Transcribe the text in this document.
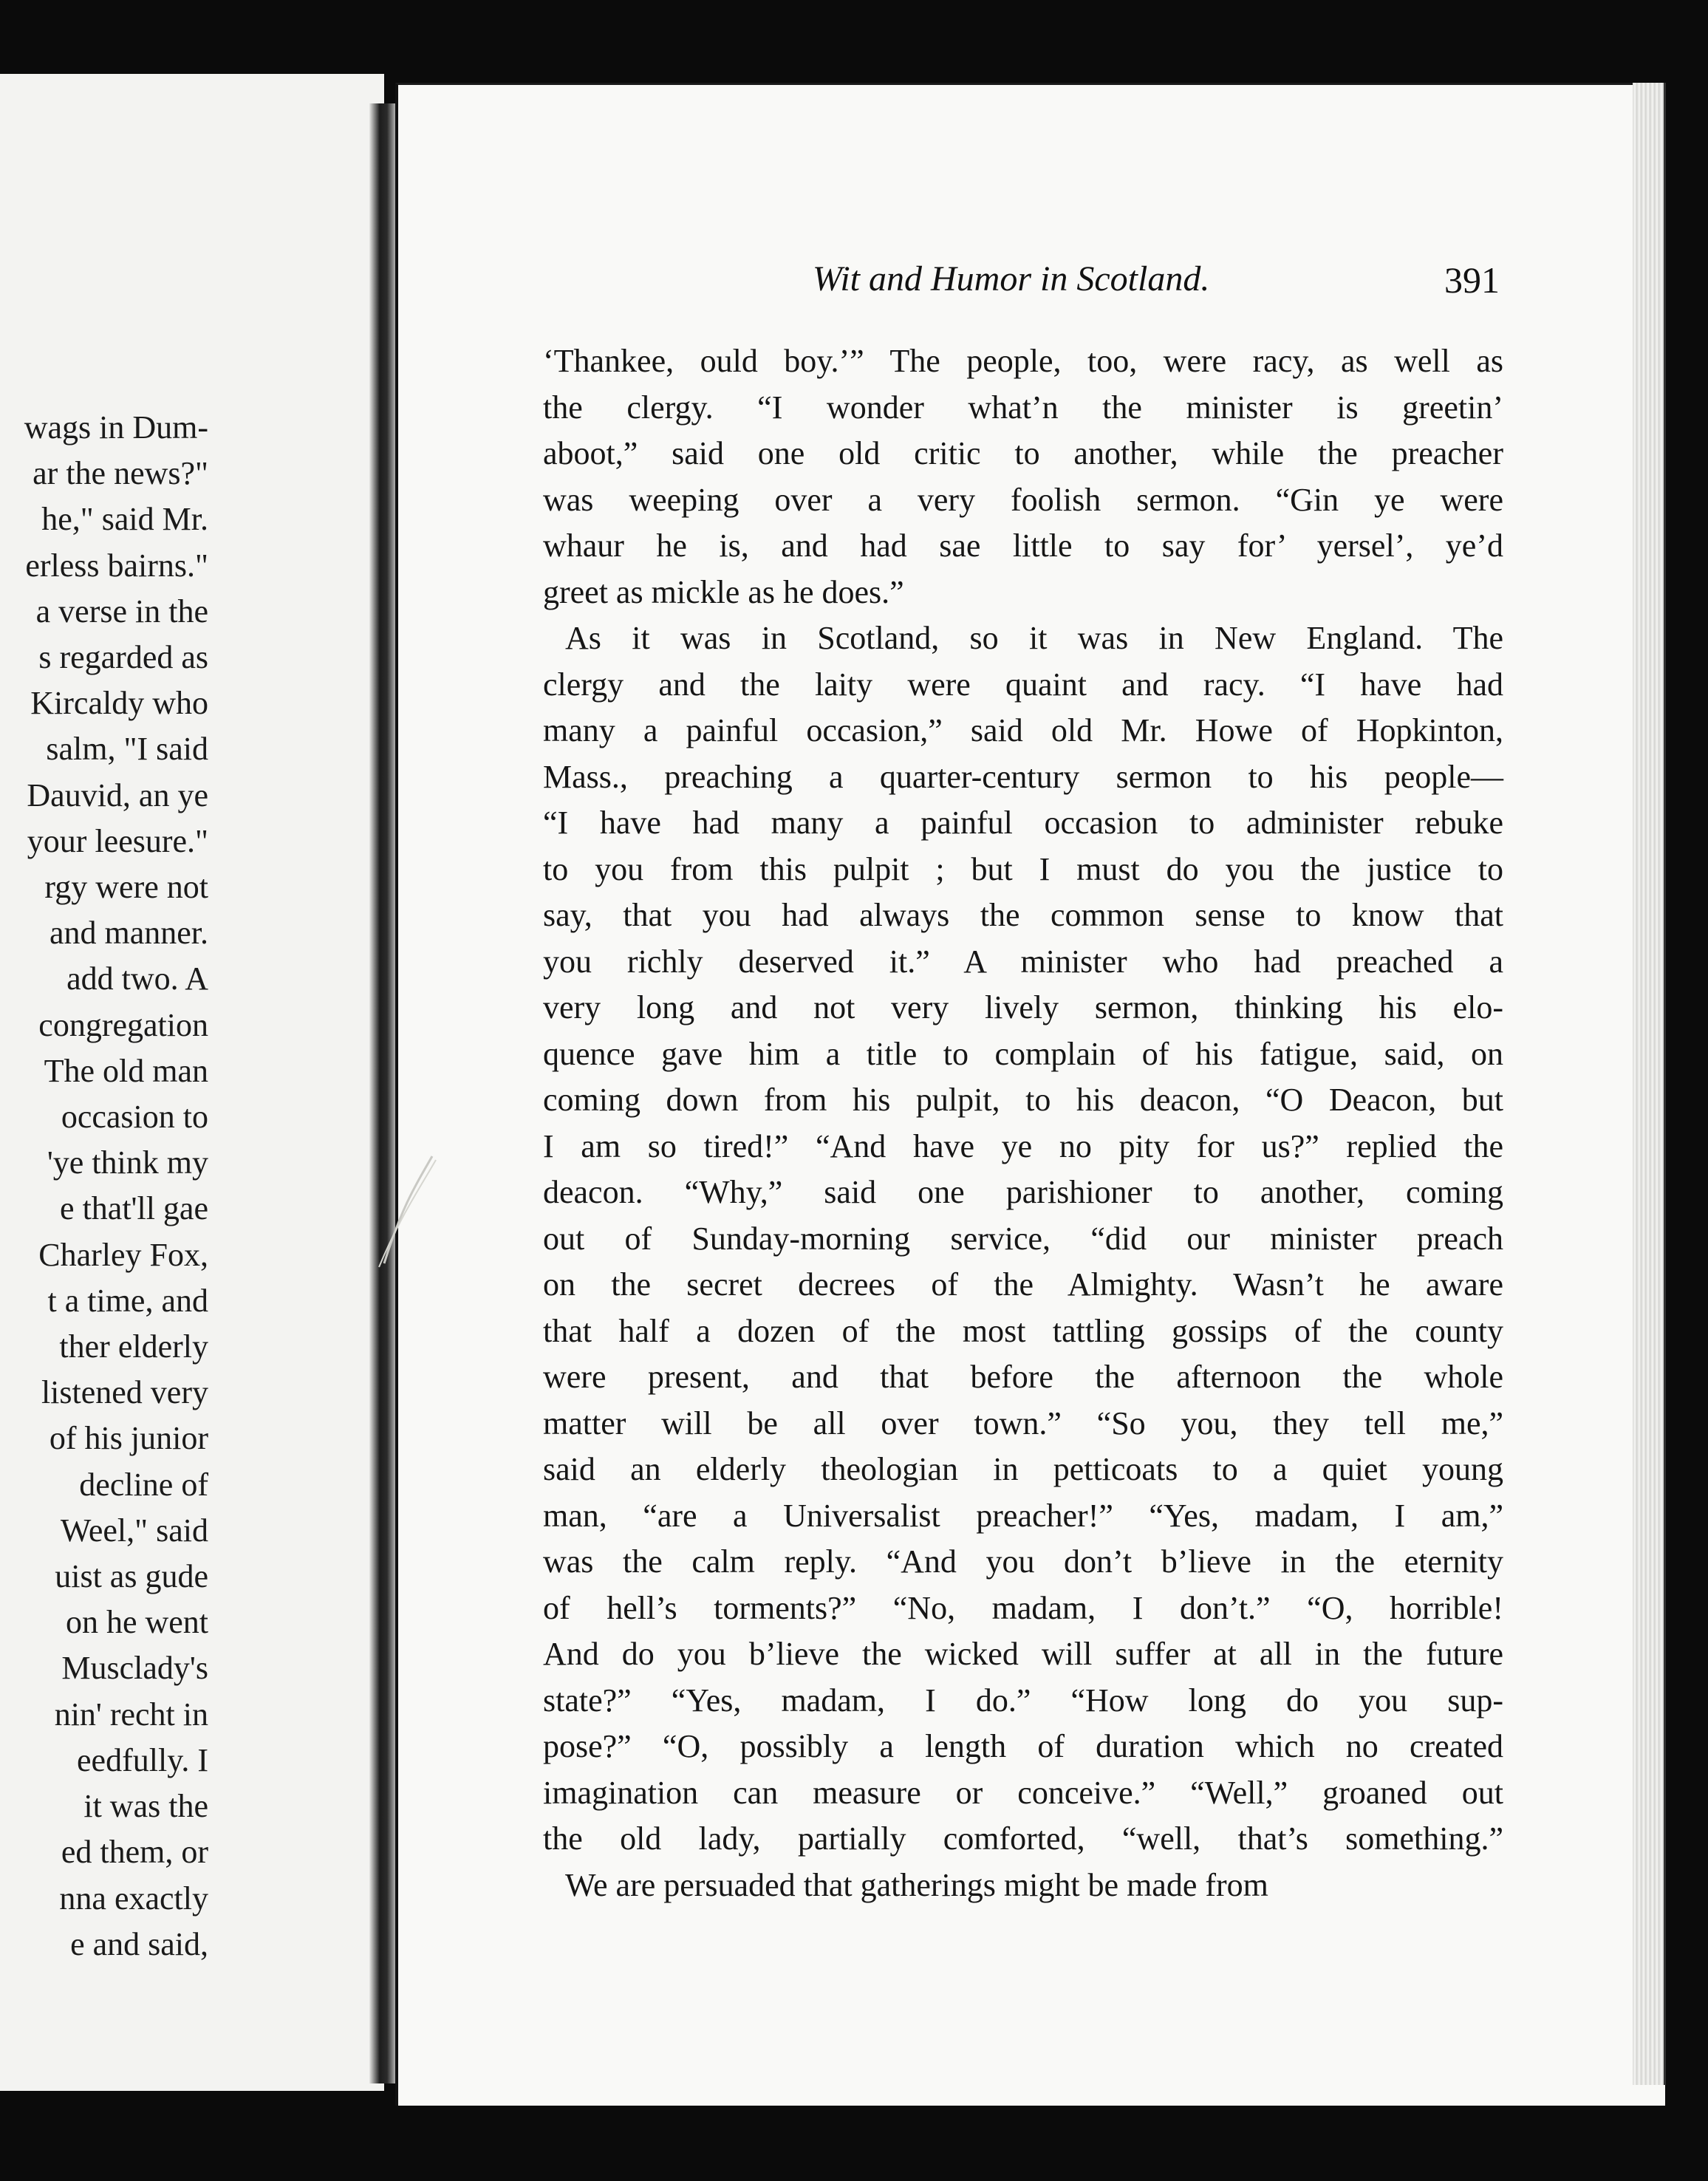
wags in Dum-
ar the news?"
he," said Mr.
erless bairns."
a verse in the
s regarded as
Kircaldy who
salm, "I said
Dauvid, an ye
your leesure."
rgy were not
and manner.
add two. A
congregation
The old man
occasion to
'ye think my
e that'll gae
Charley Fox,
t a time, and
ther elderly
listened very
of his junior
decline of
Weel," said
uist as gude
on he went
Musclady's
nin' recht in
eedfully. I
it was the
ed them, or
nna exactly
e and said,
Wit and Humor in Scotland.	391
‘Thankee, ould boy.’” The people, too, were racy, as well as
the clergy. “I wonder what’n the minister is greetin’
aboot,” said one old critic to another, while the preacher
was weeping over a very foolish sermon. “Gin ye were
whaur he is, and had sae little to say for’ yersel’, ye’d
greet as mickle as he does.”
As it was in Scotland, so it was in New England. The
clergy and the laity were quaint and racy. “I have had
many a painful occasion,” said old Mr. Howe of Hopkinton,
Mass., preaching a quarter-century sermon to his people—
“I have had many a painful occasion to administer rebuke
to you from this pulpit ; but I must do you the justice to
say, that you had always the common sense to know that
you richly deserved it.” A minister who had preached a
very long and not very lively sermon, thinking his elo-
quence gave him a title to complain of his fatigue, said, on
coming down from his pulpit, to his deacon, “O Deacon, but
I am so tired!” “And have ye no pity for us?” replied the
deacon. “Why,” said one parishioner to another, coming
out of Sunday-morning service, “did our minister preach
on the secret decrees of the Almighty. Wasn’t he aware
that half a dozen of the most tattling gossips of the county
were present, and that before the afternoon the whole
matter will be all over town.” “So you, they tell me,”
said an elderly theologian in petticoats to a quiet young
man, “are a Universalist preacher!” “Yes, madam, I am,”
was the calm reply. “And you don’t b’lieve in the eternity
of hell’s torments?” “No, madam, I don’t.” “O, horrible!
And do you b’lieve the wicked will suffer at all in the future
state?” “Yes, madam, I do.” “How long do you sup-
pose?” “O, possibly a length of duration which no created
imagination can measure or conceive.” “Well,” groaned out
the old lady, partially comforted, “well, that’s something.”
We are persuaded that gatherings might be made from
